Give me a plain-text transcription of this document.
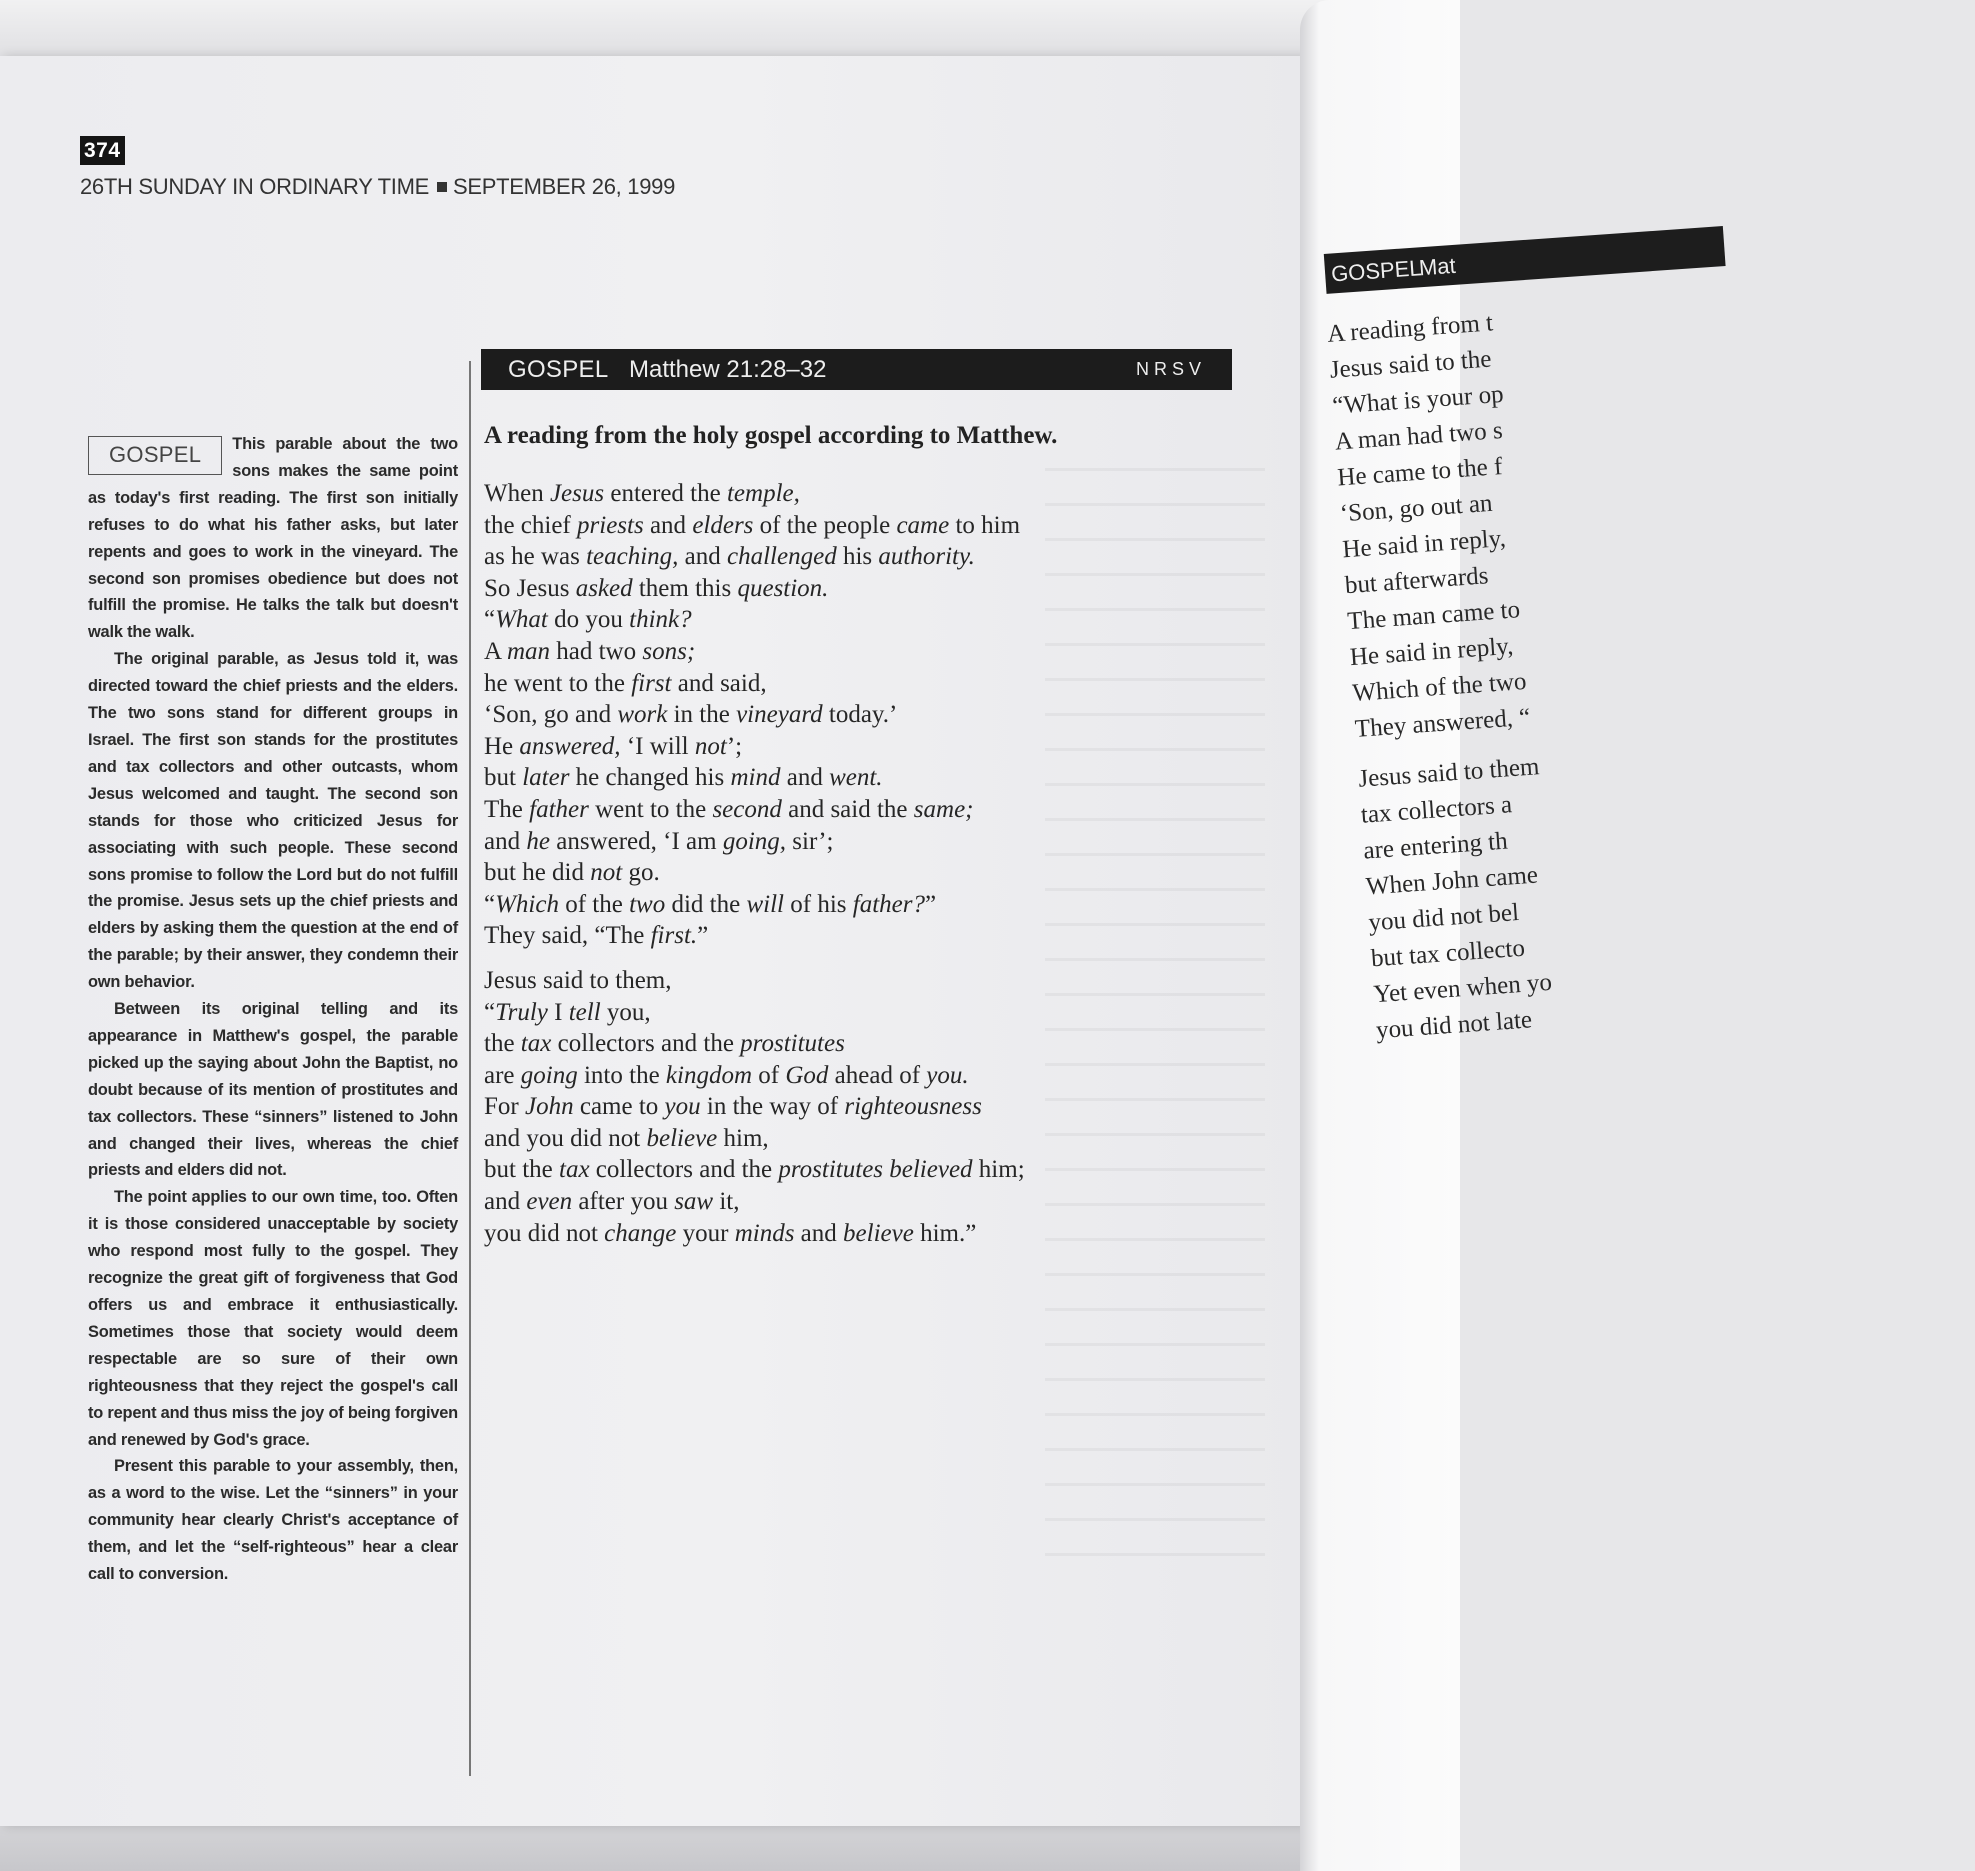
374
26TH SUNDAY IN ORDINARY TIME SEPTEMBER 26, 1999
GOSPEL	This parable about the two sons makes the same point as today's first reading. The first son initially refuses to do what his father asks, but later repents and goes to work in the vineyard. The second son promises obedience but does not fulfill the promise. He talks the talk but doesn't walk the walk.

The original parable, as Jesus told it, was directed toward the chief priests and the elders. The two sons stand for different groups in Israel. The first son stands for the prostitutes and tax collectors and other outcasts, whom Jesus welcomed and taught. The second son stands for those who criticized Jesus for associating with such people. These second sons promise to follow the Lord but do not fulfill the promise. Jesus sets up the chief priests and elders by asking them the question at the end of the parable; by their answer, they condemn their own behavior.

Between its original telling and its appearance in Matthew's gospel, the parable picked up the saying about John the Baptist, no doubt because of its mention of prostitutes and tax collectors. These “sinners” listened to John and changed their lives, whereas the chief priests and elders did not.

The point applies to our own time, too. Often it is those considered unacceptable by society who respond most fully to the gospel. They recognize the great gift of forgiveness that God offers us and embrace it enthusiastically. Sometimes those that society would deem respectable are so sure of their own righteousness that they reject the gospel's call to repent and thus miss the joy of being forgiven and renewed by God's grace.

Present this parable to your assembly, then, as a word to the wise. Let the “sinners” in your community hear clearly Christ's acceptance of them, and let the “self-righteous” hear a clear call to conversion.

GOSPEL Matthew 21:28–32	NRSV
A reading from the holy gospel according to Matthew.
When Jesus entered the temple,
the chief priests and elders of the people came to him
as he was teaching, and challenged his authority.
So Jesus asked them this question.
“What do you think?
A man had two sons;
he went to the first and said,
‘Son, go and work in the vineyard today.’
He answered, ‘I will not’;
but later he changed his mind and went.
The father went to the second and said the same;
and he answered, ‘I am going, sir’;
but he did not go.
“Which of the two did the will of his father?”
They said, “The first.”
Jesus said to them,
“Truly I tell you,
the tax collectors and the prostitutes
are going into the kingdom of God ahead of you.
For John came to you in the way of righteousness
and you did not believe him,
but the tax collectors and the prostitutes believed him;
and even after you saw it,
you did not change your minds and believe him.”
GOSPEL
Mat
A reading from t
Jesus said to the
“What is your op
A man had two s
He came to the f
‘Son, go out an
He said in reply,
but afterwards
The man came to
He said in reply,
Which of the two
They answered, “
Jesus said to them
tax collectors a
are entering th
When John came
you did not bel
but tax collecto
Yet even when yo
you did not late
